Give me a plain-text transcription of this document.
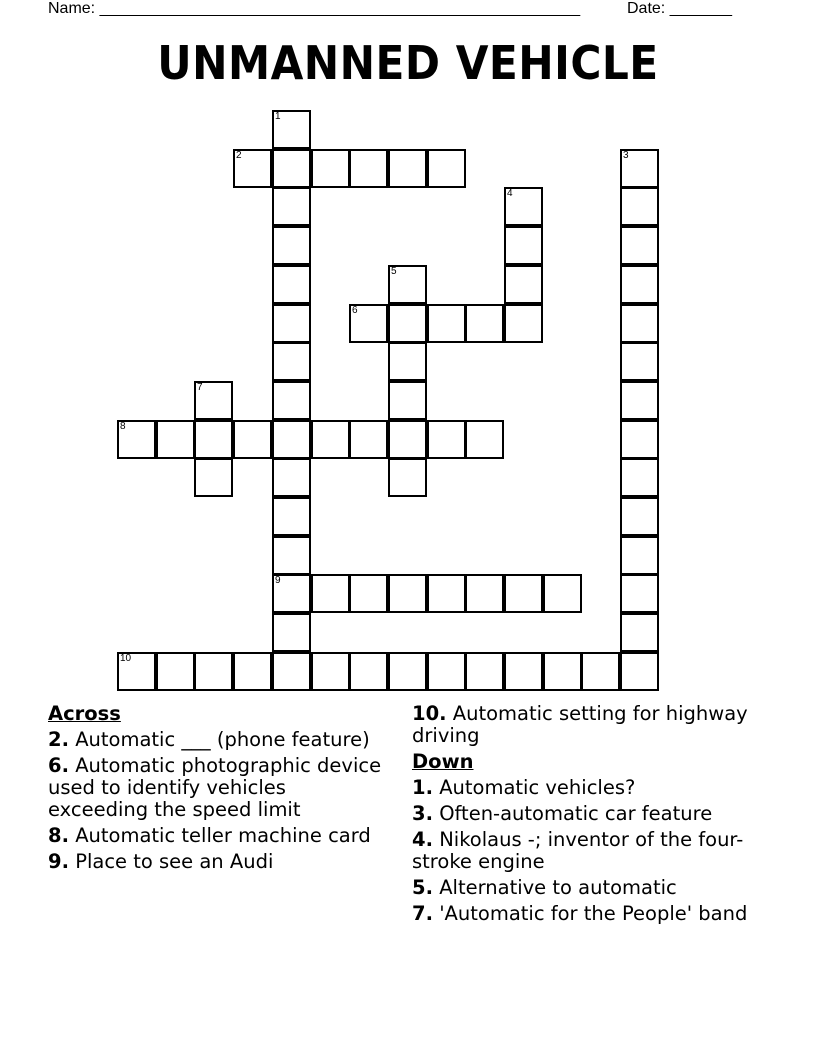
Name: ______________________________________________________	Date: _______
UNMANNED VEHICLE
1
9
2	3
4
5
6
7
8
10
Across
2. Automatic ___ (phone feature)
6. Automatic photographic device used to identify vehicles exceeding the speed limit
8. Automatic teller machine card
9. Place to see an Audi
10. Automatic setting for highway driving
Down
1. Automatic vehicles?
3. Often-automatic car feature
4. Nikolaus -; inventor of the four-stroke engine
5. Alternative to automatic
7. 'Automatic for the People' band
